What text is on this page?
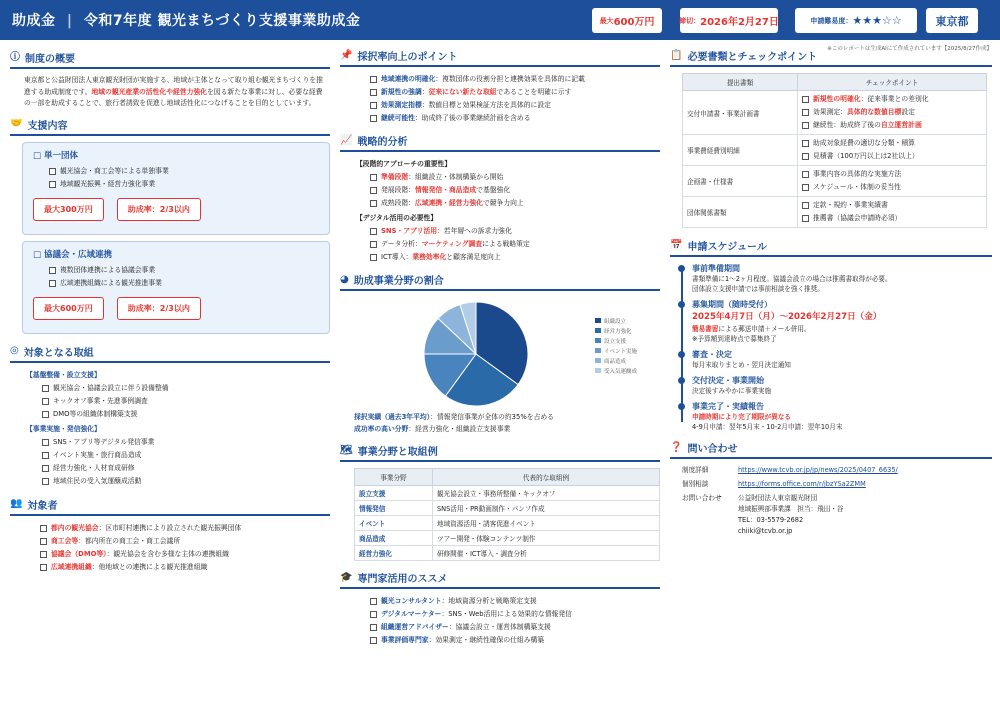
助成金 | 令和7年度 観光まちづくり支援事業助成金	最大 600万円	締切： 2026年2月27日	申請難易度： ★★★☆☆	東京都
ⓘ 制度の概要
東京都と公益財団法人東京観光財団が実施する、地域が主体となって取り組む観光まちづくりを推進する助成制度です。地域の観光産業の活性化や経営力強化を図る新たな事業に対し、必要な経費の一部を助成することで、旅行者誘致を促進し地域活性化につなげることを目的としています。
🤝 支援内容
□ 単一団体
観光協会・商工会等による単独事業
地域観光振興・経営力強化事業
最大300万円	助成率：2/3以内
□ 協議会・広域連携
複数団体連携による協議会事業
広域連携組織による観光推進事業
最大600万円	助成率：2/3以内
◎ 対象となる取組
【基盤整備・設立支援】
観光協会・協議会設立に伴う設備整備
キックオフ事業・先進事例調査
DMO等の組織体制構築支援
【事業実施・発信強化】
SNS・アプリ等デジタル発信事業
イベント実施・旅行商品造成
経営力強化・人材育成研修
地域住民の受入気運醸成活動
👥 対象者
都内の観光協会：区市町村連携により設立された観光振興団体
商工会等：都内所在の商工会・商工会議所
協議会（DMO等）：観光協会を含む多様な主体の連携組織
広域連携組織：他地域との連携による観光推進組織
📌 採択率向上のポイント
地域連携の明確化：複数団体の役割分担と連携効果を具体的に記載
新規性の強調：従来にない新たな取組であることを明確に示す
効果測定指標：数値目標と効果検証方法を具体的に設定
継続可能性：助成終了後の事業継続計画を含める
📈 戦略的分析
【段階的アプローチの重要性】
準備段階：組織設立・体制構築から開始
発展段階：情報発信・商品造成で基盤強化
成熟段階：広域連携・経営力強化で競争力向上
【デジタル活用の必要性】
SNS・アプリ活用：若年層への訴求力強化
データ分析：マーケティング調査による戦略策定
ICT導入：業務効率化と顧客満足度向上
◕ 助成事業分野の割合
組織設立
経営力強化
設立支援
イベント実施
商品造成
受入気運醸成
採択実績（過去3年平均）：情報発信事業が全体の約35%を占める
成功率の高い分野：経営力強化・組織設立支援事業
🗺 事業分野と取組例
事業分野	代表的な取組例
設立支援	観光協会設立・事務所整備・キックオフ
情報発信	SNS活用・PR動画制作・パンフ作成
イベント	地域資源活用・誘客促進イベント
商品造成	ツアー開発・体験コンテンツ制作
経営力強化	研修開催・ICT導入・調査分析
🎓 専門家活用のススメ
観光コンサルタント：地域資源分析と戦略策定支援
デジタルマーケター：SNS・Web活用による効果的な情報発信
組織運営アドバイザー：協議会設立・運営体制構築支援
事業評価専門家：効果測定・継続性確保の仕組み構築
📋 必要書類とチェックポイント
※このレポートは生成AIにて作成されています【2025/8/27作成】
提出書類	チェックポイント
交付申請書・事業計画書	新規性の明確化：従来事業との差別化
効果測定：具体的な数値目標設定
継続性：助成終了後の自立運営計画

事業費経費別明細	助成対象経費の適切な分類・積算
見積書（100万円以上は2社以上）

企画書・仕様書	事業内容の具体的な実施方法
スケジュール・体制の妥当性

団体関係書類	定款・規約・事業実績書
推薦書（協議会申請時必須）
📅 申請スケジュール
事前準備期間
書類準備に1〜2ヶ月程度。協議会設立の場合は推薦書取得が必要。
団体設立支援申請では事前相談を強く推奨。
募集期間（随時受付）
2025年4月7日（月）〜2026年2月27日（金）
簡易書留による郵送申請＋メール併用。
※予算額到達時点で募集終了
審査・決定
毎月末取りまとめ・翌月決定通知
交付決定・事業開始
決定後すみやかに事業実施
事業完了・実績報告
申請時期により完了期限が異なる
4-9月申請：翌年5月末・10-2月申請：翌年10月末
❓ 問い合わせ
制度詳細	https://www.tcvb.or.jp/jp/news/2025/0407_6635/
個別相談	https://forms.office.com/r/jbzYSa2ZMM
お問い合わせ	公益財団法人東京観光財団
地域振興部事業課　担当：飛田・谷
TEL：03-5579-2682
chiiki@tcvb.or.jp
